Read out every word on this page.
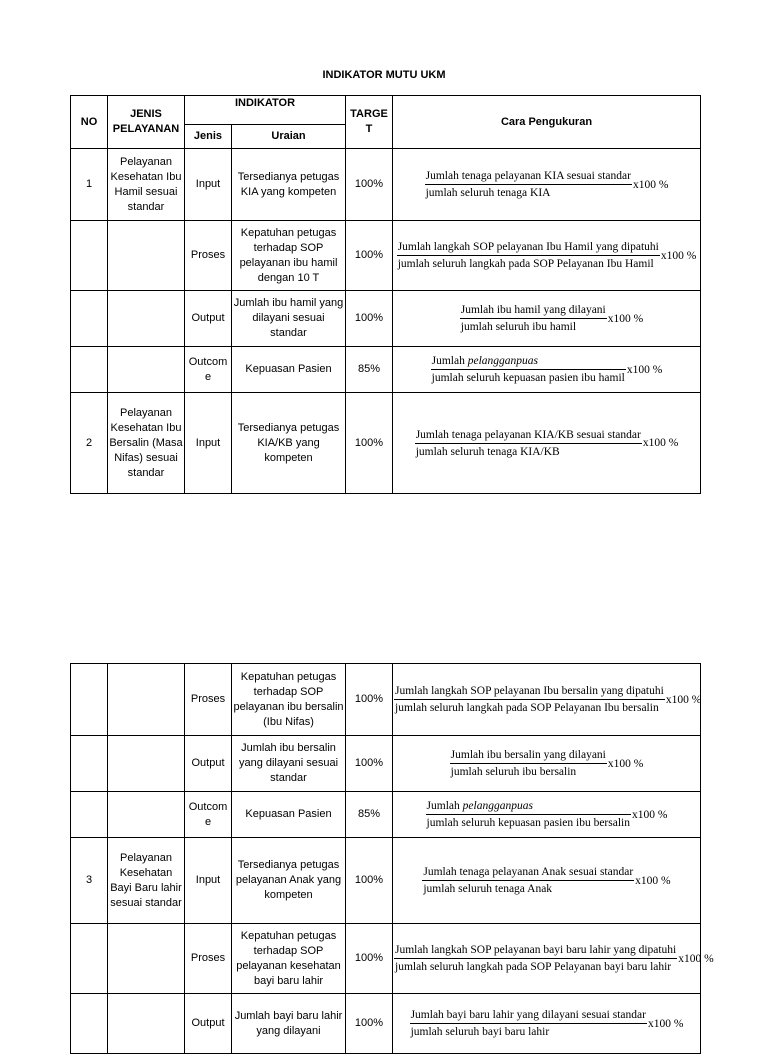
INDIKATOR MUTU UKM
NO	JENIS PELAYANAN	INDIKATOR		TARGE T	Cara Pengukuran
		Jenis	Uraian		
1	Pelayanan Kesehatan Ibu Hamil sesuai standar	Input	Tersedianya petugas KIA yang kompeten	100%	$\frac{\text{Jumlah tenaga pelayanan KIA sesuai standar}}{\text{jumlah seluruh tenaga KIA}} x100$ %

		Proses	Kepatuhan petugas terhadap SOP pelayanan ibu hamil dengan 10 T	100%	$\frac{\text{Jumlah langkah SOP pelayanan Ibu Hamil yang dipatuhi}}{\text{jumlah seluruh langkah pada SOP Pelayanan Ibu Hamil}} x100$ %

		Output	Jumlah ibu hamil yang dilayani sesuai standar	100%	$\frac{\text{Jumlah ibu hamil yang dilayani}}{\text{jumlah seluruh ibu hamil}} x100$ %

		Outcom e	Kepuasan Pasien	85%	$\frac{\text{Jumlah pelangganpuas}}{\text{jumlah seluruh kepuasan pasien ibu hamil}} x100$ %

2	Pelayanan Kesehatan Ibu Bersalin (Masa Nifas) sesuai standar	Input	Tersedianya petugas KIA/KB yang kompeten	100%	$\frac{\text{Jumlah tenaga pelayanan KIA/KB sesuai standar}}{\text{jumlah seluruh tenaga KIA/KB}} x100$ %
		Proses	Kepatuhan petugas terhadap SOP pelayanan ibu bersalin (Ibu Nifas)	100%	$\frac{\text{Jumlah langkah SOP pelayanan Ibu bersalin yang dipatuhi}}{\text{jumlah seluruh langkah pada SOP Pelayanan Ibu bersalin}} x100$ %

		Output	Jumlah ibu bersalin yang dilayani sesuai standar	100%	$\frac{\text{Jumlah ibu bersalin yang dilayani}}{\text{jumlah seluruh ibu bersalin}} x100$ %

		Outcom e	Kepuasan Pasien	85%	$\frac{\text{Jumlah pelangganpuas}}{\text{jumlah seluruh kepuasan pasien ibu bersalin}} x100$ %

3	Pelayanan Kesehatan Bayi Baru lahir sesuai standar	Input	Tersedianya petugas pelayanan Anak yang kompeten	100%	$\frac{\text{Jumlah tenaga pelayanan Anak sesuai standar}}{\text{jumlah seluruh tenaga Anak}} x100$ %

		Proses	Kepatuhan petugas terhadap SOP pelayanan kesehatan bayi baru lahir	100%	$\frac{\text{Jumlah langkah SOP pelayanan bayi baru lahir yang dipatuhi}}{\text{jumlah seluruh langkah pada SOP Pelayanan bayi baru lahir}} x100$ %

		Output	Jumlah bayi baru lahir yang dilayani	100%	$\frac{\text{Jumlah bayi baru lahir yang dilayani sesuai standar}}{\text{jumlah seluruh bayi baru lahir}} x100$ %
